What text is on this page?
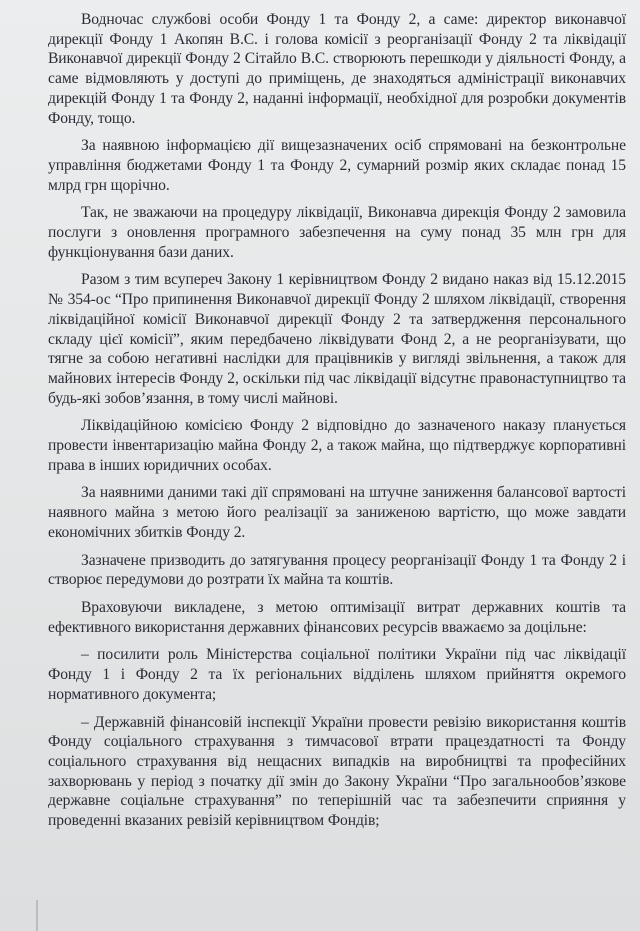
Водночас службові особи Фонду 1 та Фонду 2, а саме: директор виконавчої дирекції Фонду 1 Акопян В.С. і голова комісії з реорганізації Фонду 2 та ліквідації Виконавчої дирекції Фонду 2 Сітайло В.С. створюють перешкоди у діяльності Фонду, а саме відмовляють у доступі до приміщень, де знаходяться адміністрації виконавчих дирекцій Фонду 1 та Фонду 2, наданні інформації, необхідної для розробки документів Фонду, тощо.

За наявною інформацією дії вищезазначених осіб спрямовані на безконтрольне управління бюджетами Фонду 1 та Фонду 2, сумарний розмір яких складає понад 15 млрд грн щорічно.

Так, не зважаючи на процедуру ліквідації, Виконавча дирекція Фонду 2 замовила послуги з оновлення програмного забезпечення на суму понад 35 млн грн для функціонування бази даних.

Разом з тим всупереч Закону 1 керівництвом Фонду 2 видано наказ від 15.12.2015 № 354-ос “Про припинення Виконавчої дирекції Фонду 2 шляхом ліквідації, створення ліквідаційної комісії Виконавчої дирекції Фонду 2 та затвердження персонального складу цієї комісії”, яким передбачено ліквідувати Фонд 2, а не реорганізувати, що тягне за собою негативні наслідки для працівників у вигляді звільнення, а також для майнових інтересів Фонду 2, оскільки під час ліквідації відсутнє правонаступництво та будь-які зобов’язання, в тому числі майнові.

Ліквідаційною комісією Фонду 2 відповідно до зазначеного наказу планується провести інвентаризацію майна Фонду 2, а також майна, що підтверджує корпоративні права в інших юридичних особах.

За наявними даними такі дії спрямовані на штучне заниження балансової вартості наявного майна з метою його реалізації за заниженою вартістю, що може завдати економічних збитків Фонду 2.

Зазначене призводить до затягування процесу реорганізації Фонду 1 та Фонду 2 і створює передумови до розтрати їх майна та коштів.

Враховуючи викладене, з метою оптимізації витрат державних коштів та ефективного використання державних фінансових ресурсів вважаємо за доцільне:

– посилити роль Міністерства соціальної політики України під час ліквідації Фонду 1 і Фонду 2 та їх регіональних відділень шляхом прийняття окремого нормативного документа;

– Державній фінансовій інспекції України провести ревізію використання коштів Фонду соціального страхування з тимчасової втрати працездатності та Фонду соціального страхування від нещасних випадків на виробництві та професійних захворювань у період з початку дії змін до Закону України “Про загальнообов’язкове державне соціальне страхування” по теперішній час та забезпечити сприяння у проведенні вказаних ревізій керівництвом Фондів;
